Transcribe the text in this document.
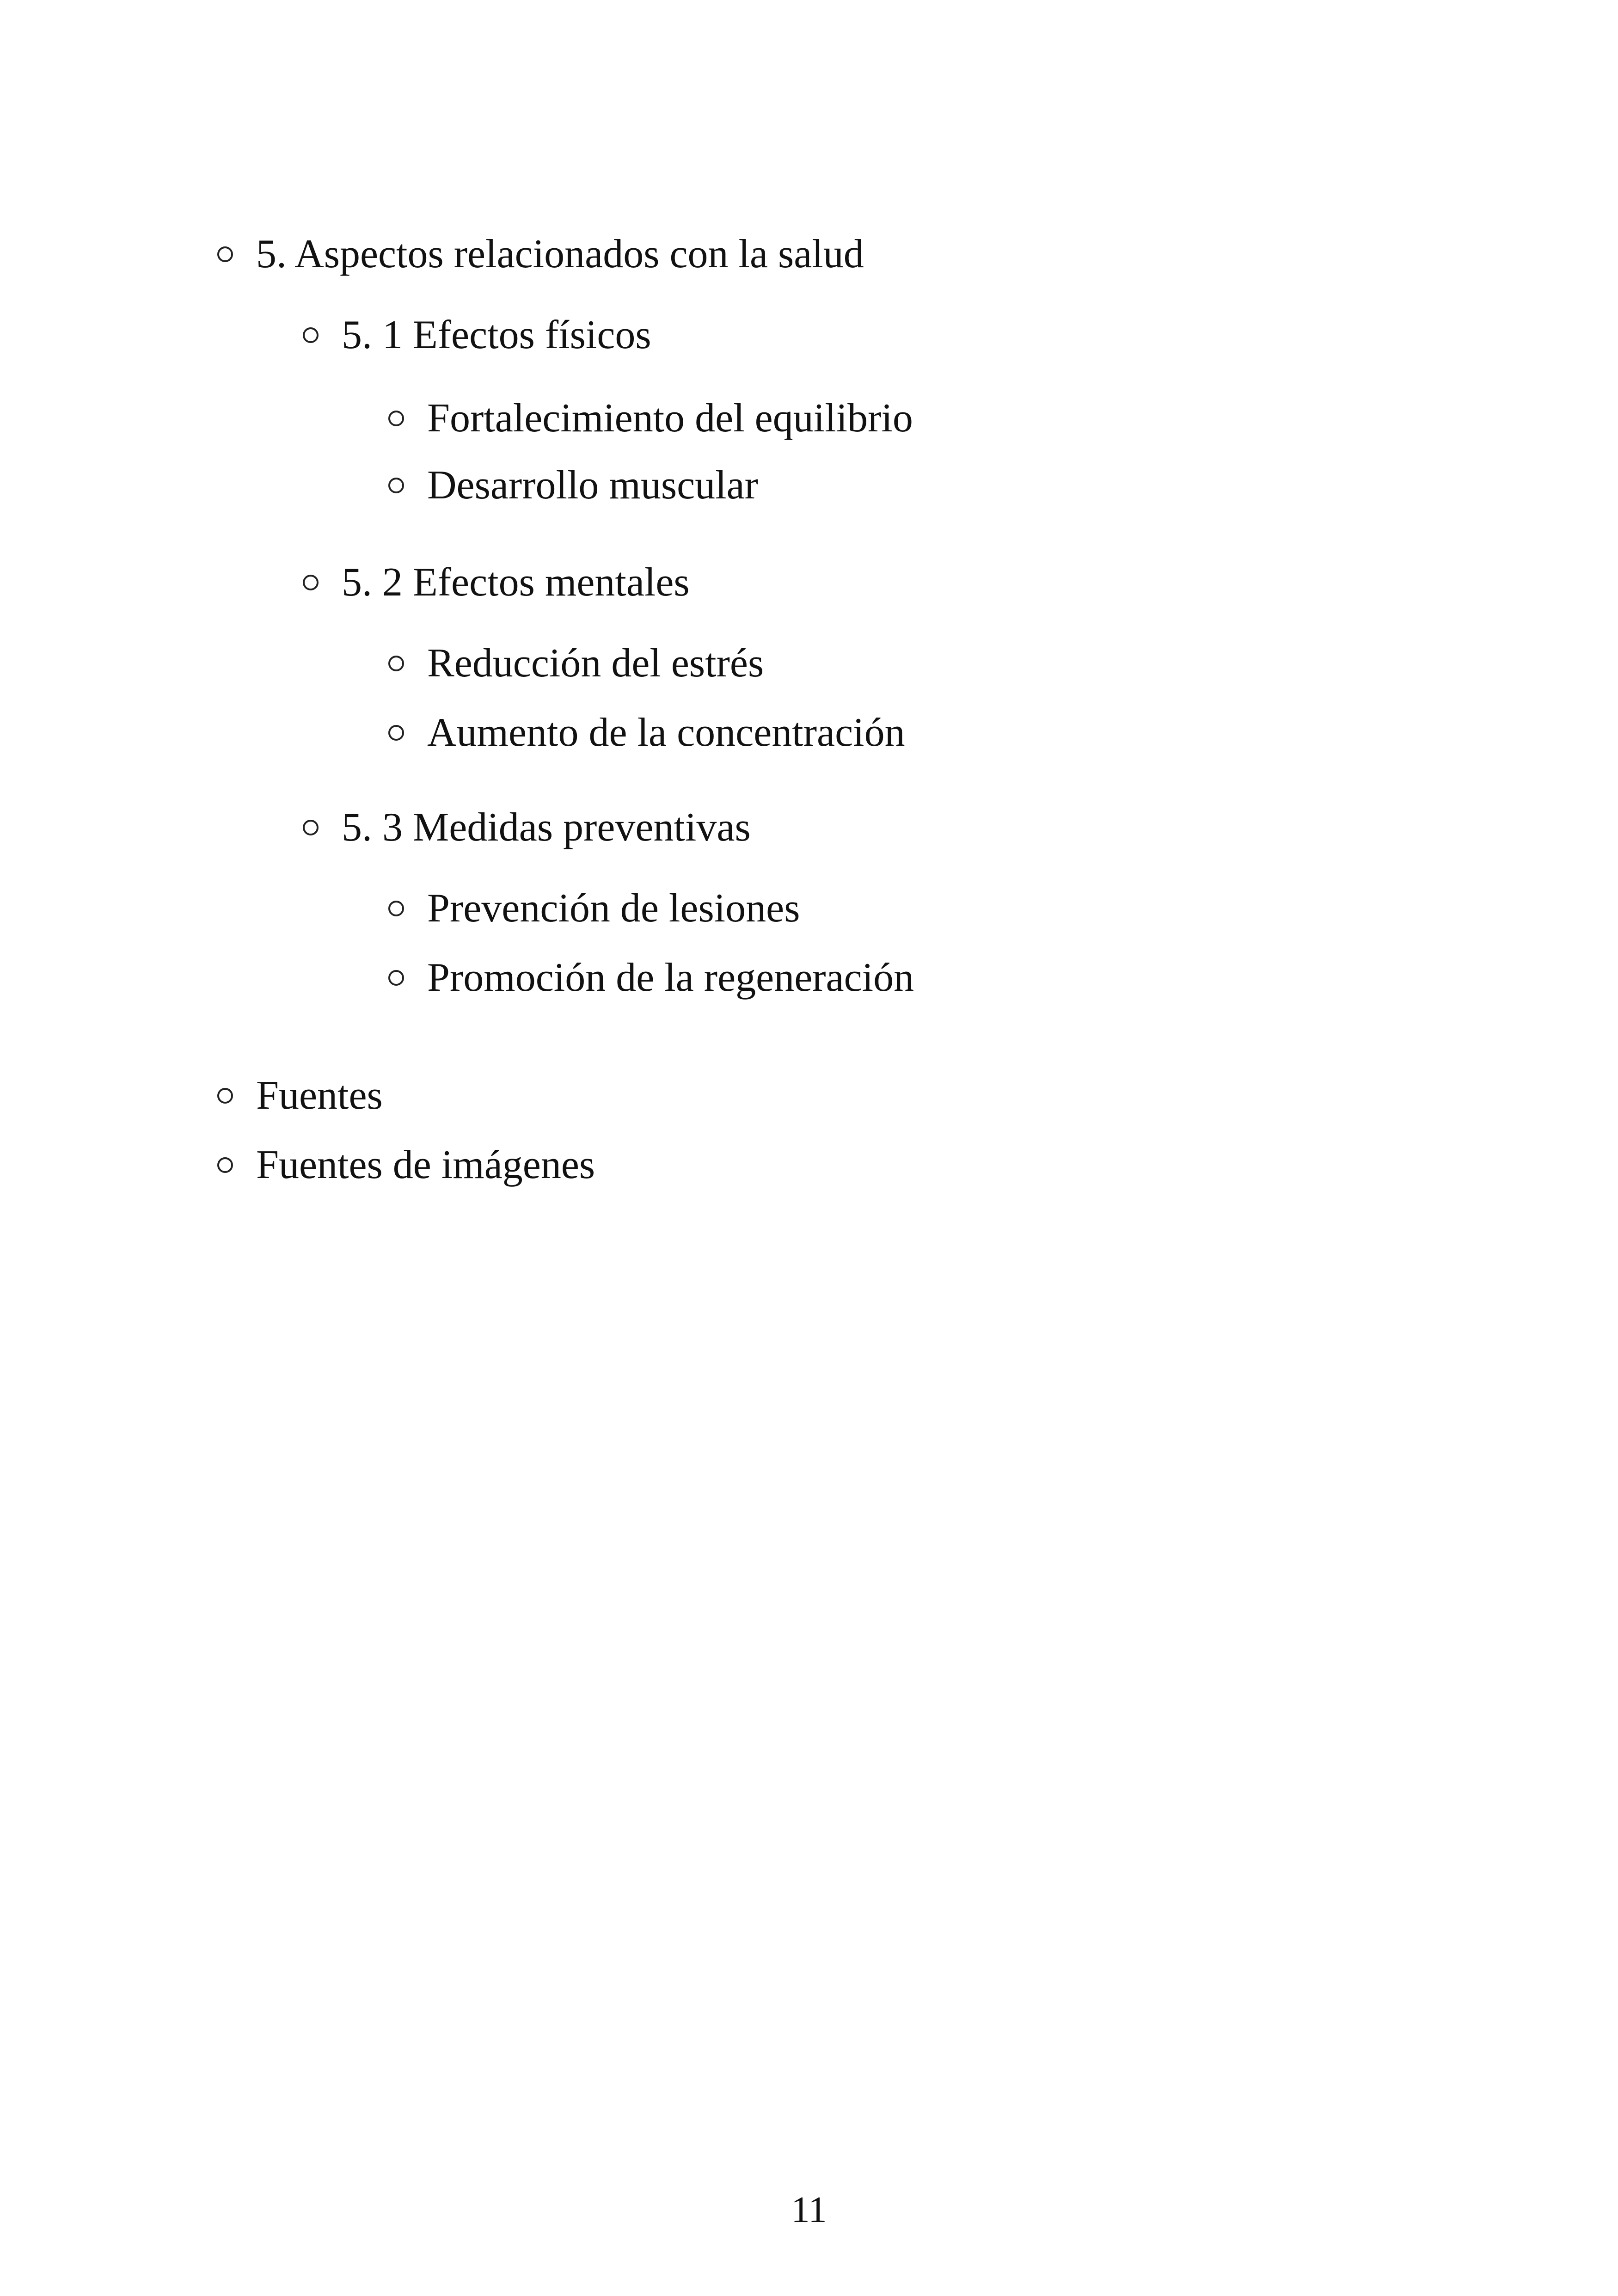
5. Aspectos relacionados con la salud
5. 1 Efectos físicos
Fortalecimiento del equilibrio
Desarrollo muscular
5. 2 Efectos mentales
Reducción del estrés
Aumento de la concentración
5. 3 Medidas preventivas
Prevención de lesiones
Promoción de la regeneración
Fuentes
Fuentes de imágenes
11
